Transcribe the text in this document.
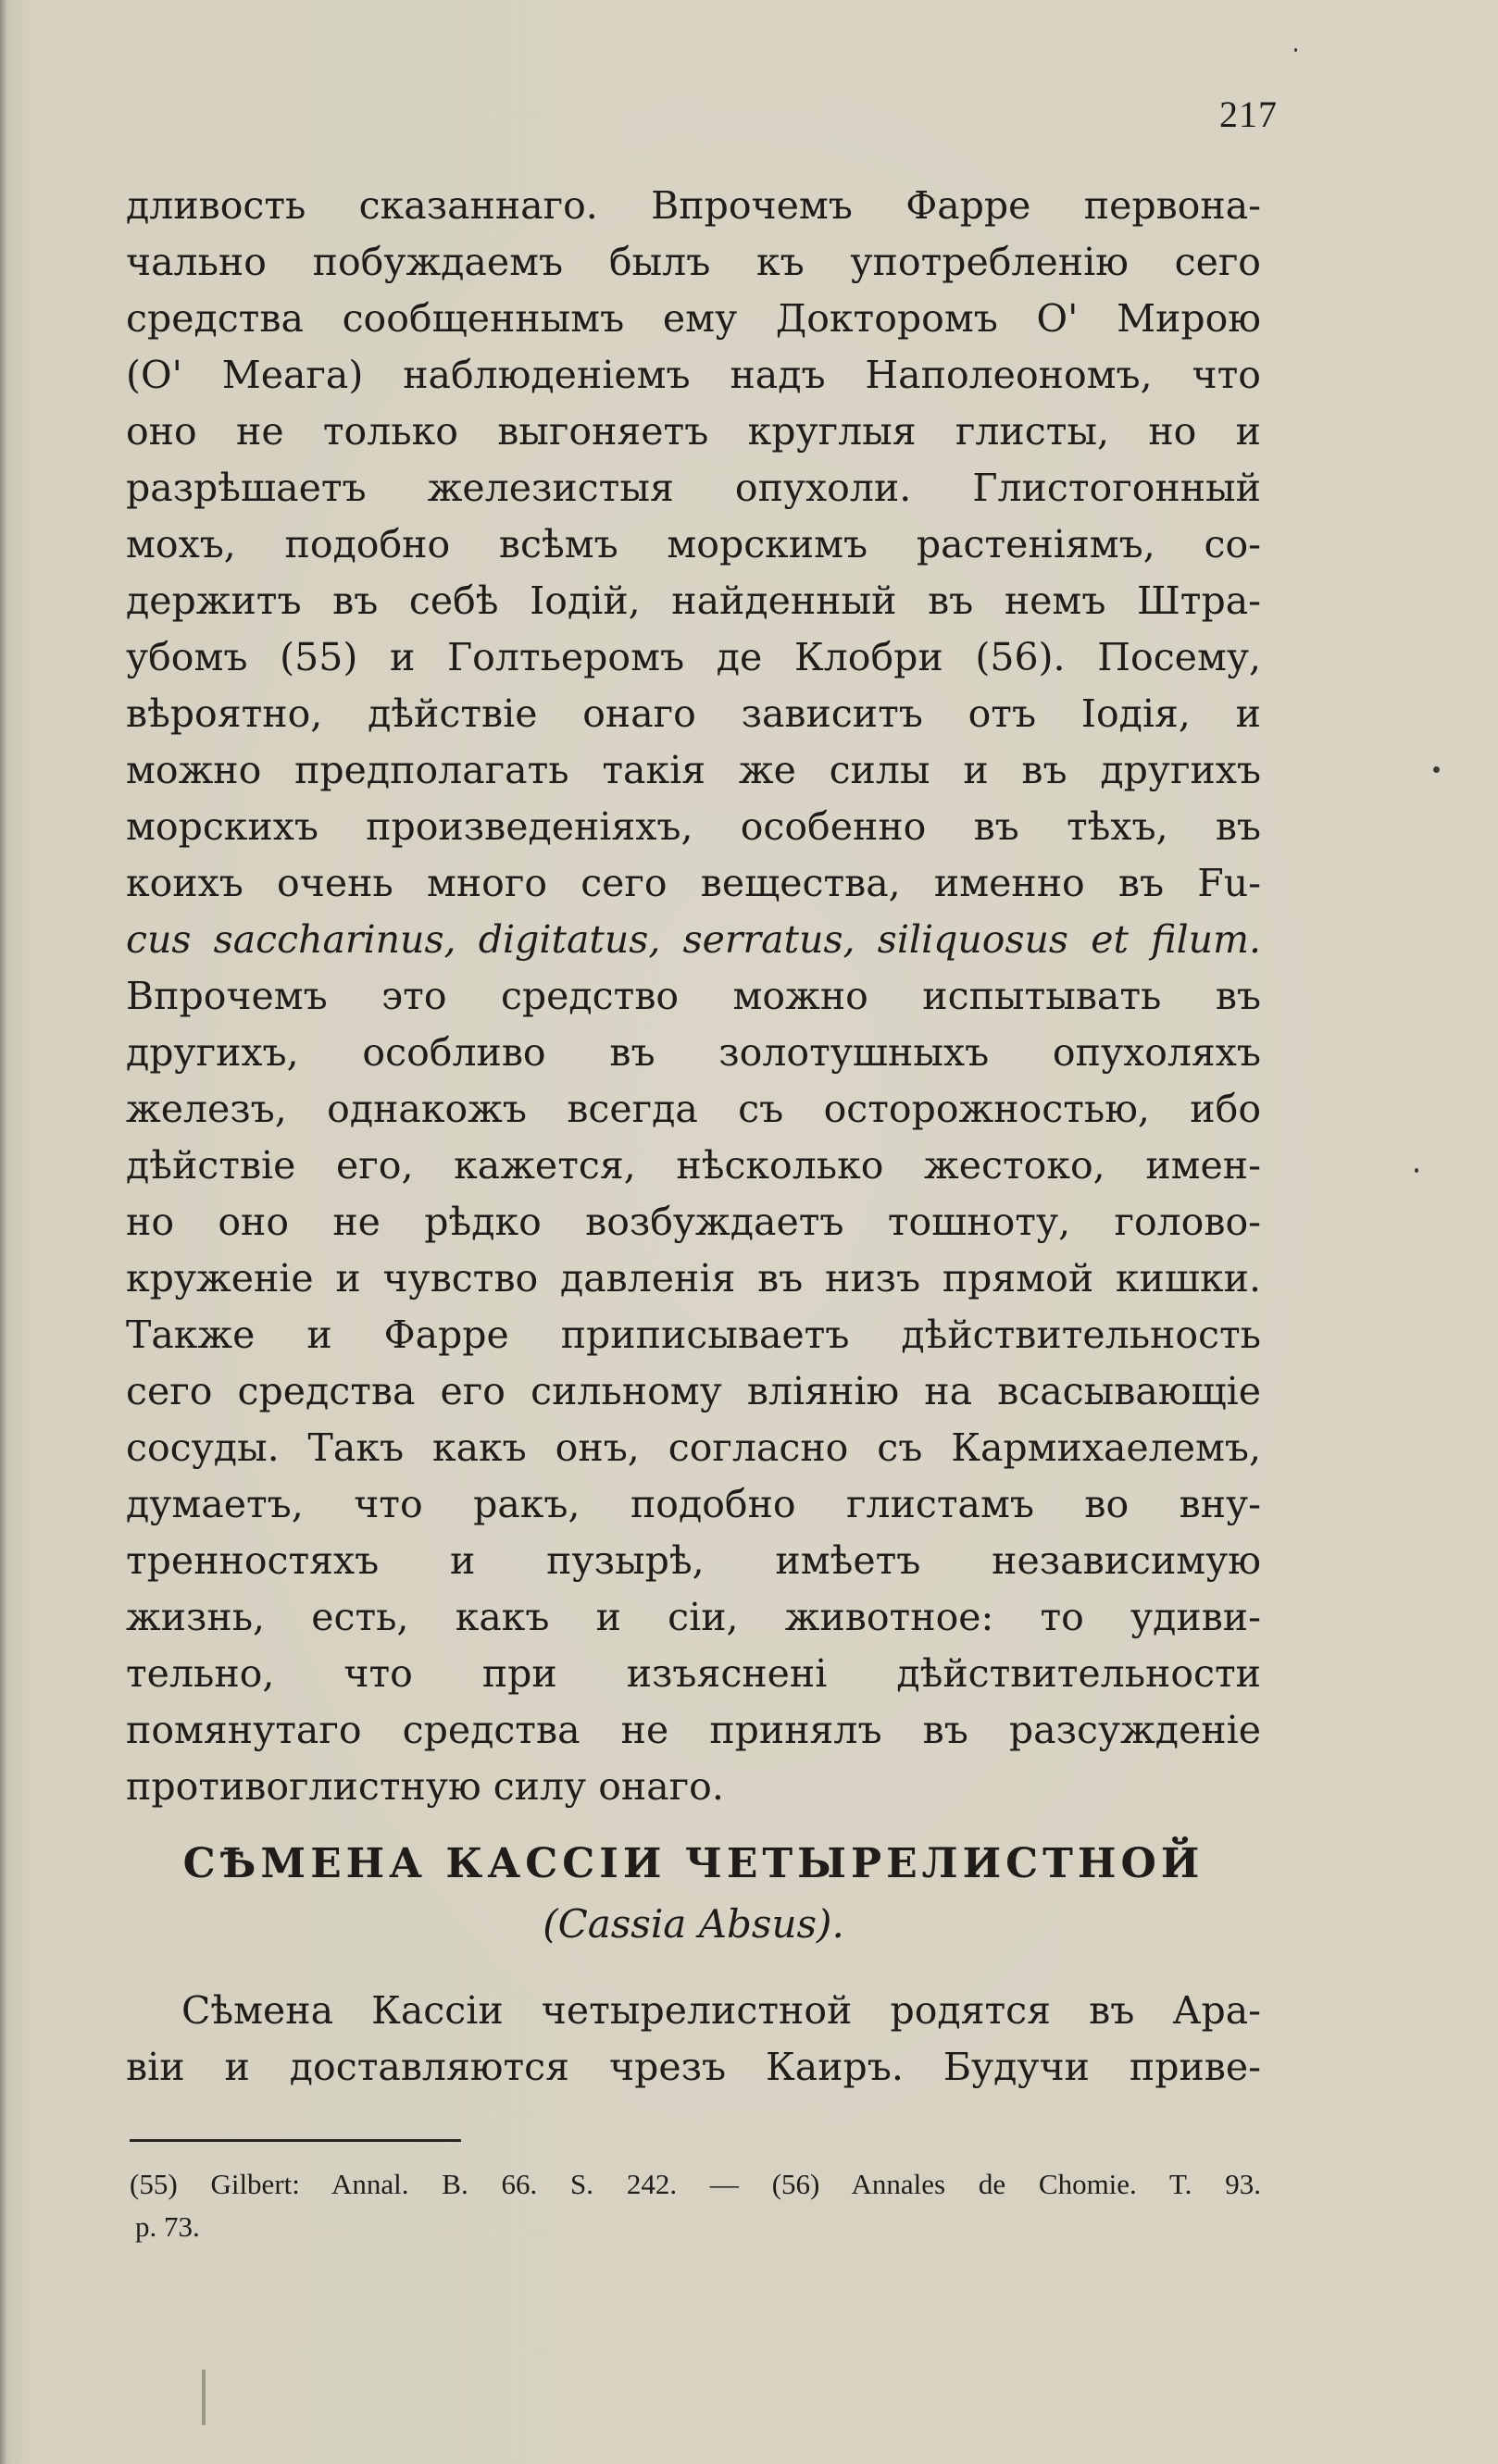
217
дливость сказаннаго. Впрочемъ Фарре первона-
чально побуждаемъ былъ къ употребленію сего
средства сообщеннымъ ему Докторомъ О' Мирою
(О' Меага) наблюденіемъ надъ Наполеономъ, что
оно не только выгоняетъ круглыя глисты, но и
разрѣшаетъ железистыя опухоли. Глистогонный
мохъ, подобно всѣмъ морскимъ растеніямъ, со-
держитъ въ себѣ Іодій, найденный въ немъ Штра-
убомъ (55) и Голтьеромъ де Клобри (56). Посему,
вѣроятно, дѣйствіе онаго зависитъ отъ Іодія, и
можно предполагать такія же силы и въ другихъ
морскихъ произведеніяхъ, особенно въ тѣхъ, въ
коихъ очень много сего вещества, именно въ Fu-
cus saccharinus, digitatus, serratus, siliquosus et filum.
Впрочемъ это средство можно испытывать въ
другихъ, особливо въ золотушныхъ опухоляхъ
железъ, однакожъ всегда съ осторожностью, ибо
дѣйствіе его, кажется, нѣсколько жестоко, имен-
но оно не рѣдко возбуждаетъ тошноту, голово-
круженіе и чувство давленія въ низъ прямой кишки.
Также и Фарре приписываетъ дѣйствительность
сего средства его сильному вліянію на всасывающіе
сосуды. Такъ какъ онъ, согласно съ Кармихаелемъ,
думаетъ, что ракъ, подобно глистамъ во вну-
тренностяхъ и пузырѣ, имѣетъ независимую
жизнь, есть, какъ и сіи, животное: то удиви-
тельно, что при изъяснені дѣйствительности
помянутаго средства не принялъ въ разсужденіе
противоглистную силу онаго.
СѢМЕНА КАССІИ ЧЕТЫРЕЛИСТНОЙ
(Cassia Absus).
Сѣмена Кассіи четырелистной родятся въ Ара-
віи и доставляются чрезъ Каиръ. Будучи приве-
(55) Gilbert: Annal. B. 66. S. 242. — (56) Annales de Chomie. T. 93.
p. 73.
